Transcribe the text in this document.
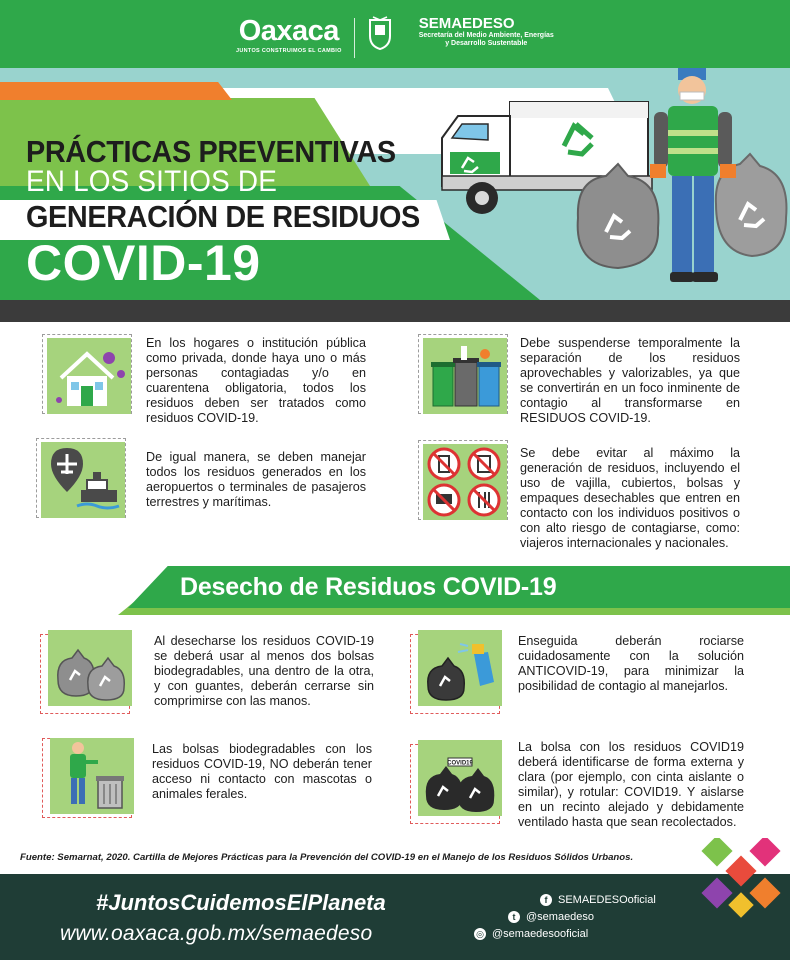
Oaxaca
JUNTOS CONSTRUIMOS EL CAMBIO
SEMAEDESO
Secretaría del Medio Ambiente, Energías
y Desarrollo Sustentable
PRÁCTICAS PREVENTIVAS
EN LOS SITIOS DE
GENERACIÓN DE RESIDUOS
COVID-19
En los hogares o institución pública como privada, donde haya uno o más personas contagiadas y/o en cuarentena obligatoria, todos los residuos deben ser tratados como residuos COVID-19.
Debe suspenderse temporalmente la separación de los residuos aprovechables y valorizables, ya que se convertirán en un foco inminente de contagio al transformarse en RESIDUOS COVID-19.
De igual manera, se deben manejar todos los residuos generados en los aeropuertos o terminales de pasajeros terrestres y marítimas.
Se debe evitar al máximo la generación de residuos, incluyendo el uso de vajilla, cubiertos, bolsas y empaques desechables que entren en contacto con los individuos positivos o con alto riesgo de contagiarse, como: viajeros internacionales y nacionales.
Desecho de Residuos COVID-19
Al desecharse los residuos COVID-19 se deberá usar al menos dos bolsas biodegradables, una dentro de la otra, y con guantes, deberán cerrarse sin comprimirse con las manos.
Enseguida deberán rociarse cuidadosamente con la solución ANTICOVID-19, para minimizar la posibilidad de contagio al manejarlos.
Las bolsas biodegradables con los residuos COVID-19, NO deberán tener acceso ni contacto con mascotas o animales ferales.
COVID19
La bolsa con los residuos COVID19 deberá identificarse de forma externa y clara (por ejemplo, con cinta aislante o similar), y rotular: COVID19. Y aislarse en un recinto alejado y debidamente ventilado hasta que sean recolectados.
Fuente: Semarnat, 2020. Cartilla de Mejores Prácticas para la Prevención del COVID-19 en el Manejo de los Residuos Sólidos Urbanos.
#JuntosCuidemosElPlaneta
www.oaxaca.gob.mx/semaedeso
f SEMAEDESOoficial
t @semaedeso
◎ @semaedesooficial
